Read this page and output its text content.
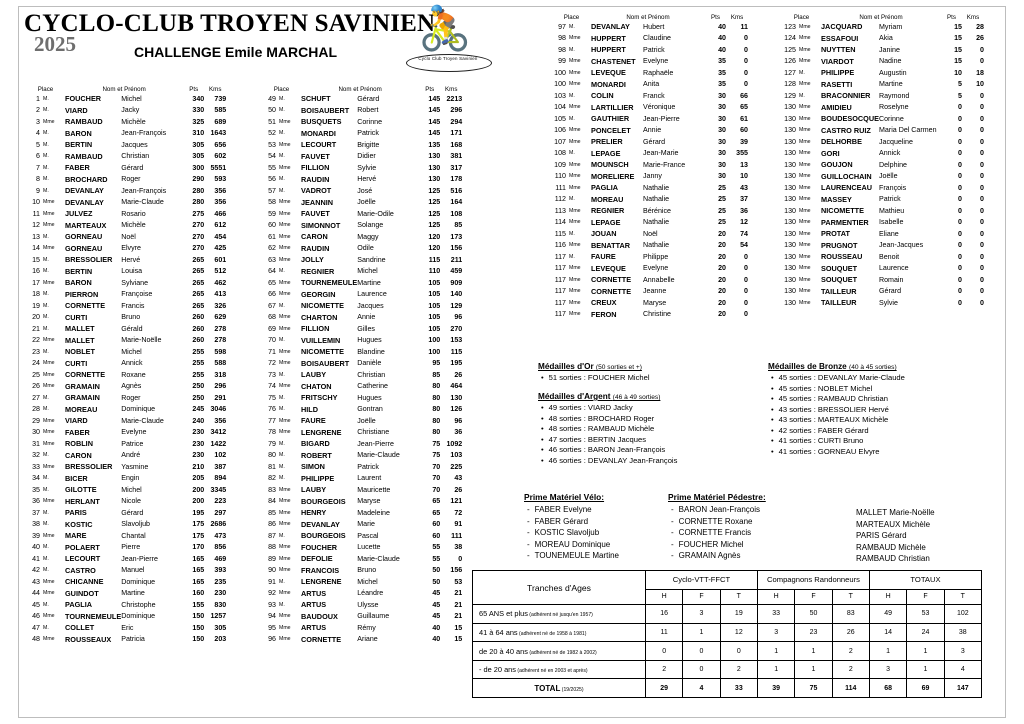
CYCLO-CLUB TROYEN SAVINIEN
2025	CHALLENGE Emile MARCHAL 🚴
Cyclo Club Troyen Savinien
Place		Nom et Prénom		Pts	Kms
1	M.	FOUCHER	Michel	340	739
2	M.	VIARD	Jacky	330	585
3	Mme	RAMBAUD	Michèle	325	689
4	M.	BARON	Jean-François	310	1643
5	M.	BERTIN	Jacques	305	656
6	M.	RAMBAUD	Christian	305	602
7	M.	FABER	Gérard	300	5551
8	M.	BROCHARD	Roger	290	593
9	M.	DEVANLAY	Jean-François	280	356
10	Mme	DEVANLAY	Marie-Claude	280	356
11	Mme	JULVEZ	Rosario	275	466
12	Mme	MARTEAUX	Michèle	270	612
13	M.	GORNEAU	Noël	270	454
14	Mme	GORNEAU	Elvyre	270	425
15	M.	BRESSOLIER	Hervé	265	601
16	M.	BERTIN	Louisa	265	512
17	Mme	BARON	Sylviane	265	462
18	M.	PIERRON	Françoise	265	413
19	M.	CORNETTE	Francis	265	326
20	M.	CURTI	Bruno	260	629
21	M.	MALLET	Gérald	260	278
22	Mme	MALLET	Marie-Noëlle	260	278
23	M.	NOBLET	Michel	255	598
24	Mme	CURTI	Annick	255	588
25	Mme	CORNETTE	Roxane	255	318
26	Mme	GRAMAIN	Agnès	250	296
27	M.	GRAMAIN	Roger	250	291
28	M.	MOREAU	Dominique	245	3046
29	Mme	VIARD	Marie-Claude	240	356
30	Mme	FABER	Evelyne	230	3412
31	Mme	ROBLIN	Patrice	230	1422
32	M.	CARON	André	230	102
33	Mme	BRESSOLIER	Yasmine	210	387
34	M.	BICER	Engin	205	894
35	M.	GILOTTE	Michel	200	3345
36	Mme	HERLANT	Nicole	200	223
37	M.	PARIS	Gérard	195	297
38	M.	KOSTIC	Slavoljub	175	2686
39	Mme	MARE	Chantal	175	473
40	M.	POLAERT	Pierre	170	856
41	M.	LECOURT	Jean-Pierre	165	469
42	M.	CASTRO	Manuel	165	393
43	Mme	CHICANNE	Dominique	165	235
44	Mme	GUINDOT	Martine	160	230
45	M.	PAGLIA	Christophe	155	830
46	Mme	TOURNEMEULE	Dominique	150	1257
47	M.	COLLET	Eric	150	305
48	Mme	ROUSSEAUX	Patricia	150	203
Place		Nom et Prénom		Pts	Kms
49	M.	SCHUFT	Gérard	145	2213
50	M.	BOISAUBERT	Robert	145	296
51	Mme	BUSQUETS	Corinne	145	294
52	M.	MONARDI	Patrick	145	171
53	Mme	LECOURT	Brigitte	135	168
54	M.	FAUVET	Didier	130	381
55	Mme	FILLION	Sylvie	130	317
56	M.	RAUDIN	Hervé	130	178
57	M.	VADROT	José	125	516
58	Mme	JEANNIN	Joëlle	125	164
59	Mme	FAUVET	Marie-Odile	125	108
60	Mme	SIMONNOT	Solange	125	85
61	Mme	CARON	Maggy	120	173
62	Mme	RAUDIN	Odile	120	156
63	Mme	JOLLY	Sandrine	115	211
64	M.	REGNIER	Michel	110	459
65	Mme	TOURNEMEULE	Martine	105	909
66	Mme	GEORGIN	Laurence	105	140
67	M.	NICOMETTE	Jacques	105	129
68	Mme	CHARTON	Annie	105	96
69	Mme	FILLION	Gilles	105	270
70	M.	VUILLEMIN	Hugues	100	153
71	Mme	NICOMETTE	Blandine	100	115
72	Mme	BOISAUBERT	Danièle	95	195
73	M.	LAUBY	Christian	85	26
74	Mme	CHATON	Catherine	80	464
75	M.	FRITSCHY	Hugues	80	130
76	M.	HILD	Gontran	80	126
77	Mme	FAURE	Joëlle	80	96
78	Mme	LENGRENE	Christiane	80	36
79	M.	BIGARD	Jean-Pierre	75	1092
80	M.	ROBERT	Marie-Claude	75	103
81	M.	SIMON	Patrick	70	225
82	M.	PHILIPPE	Laurent	70	43
83	Mme	LAUBY	Mauricette	70	26
84	Mme	BOURGEOIS	Maryse	65	121
85	Mme	HENRY	Madeleine	65	72
86	Mme	DEVANLAY	Marie	60	91
87	M.	BOURGEOIS	Pascal	60	111
88	Mme	FOUCHER	Lucette	55	38
89	Mme	DEFOLIE	Marie-Claude	55	0
90	Mme	FRANCOIS	Bruno	50	156
91	M.	LENGRENE	Michel	50	53
92	Mme	ARTUS	Léandre	45	21
93	M.	ARTUS	Ulysse	45	21
94	Mme	BAUDOUX	Guillaume	45	21
95	Mme	ARTUS	Rémy	40	15
96	Mme	CORNETTE	Ariane	40	15
Place		Nom et Prénom		Pts	Kms
97	M.	DEVANLAY	Hubert	40	11
98	Mme	HUPPERT	Claudine	40	0
98	M.	HUPPERT	Patrick	40	0
99	Mme	CHASTENET	Evelyne	35	0
100	Mme	LEVEQUE	Raphaële	35	0
100	Mme	MONARDI	Anita	35	0
103	M.	COLIN	Franck	30	66
104	Mme	LARTILLIER	Véronique	30	65
105	M.	GAUTHIER	Jean-Pierre	30	61
106	Mme	PONCELET	Annie	30	60
107	Mme	PRELIER	Gérard	30	39
108	M.	LEPAGE	Jean-Marie	30	355
109	Mme	MOUNSCH	Marie-France	30	13
110	Mme	MORELIERE	Janny	30	10
111	Mme	PAGLIA	Nathalie	25	43
112	M.	MOREAU	Nathalie	25	37
113	Mme	REGNIER	Bérénice	25	36
114	Mme	LEPAGE	Nathalie	25	12
115	M.	JOUAN	Noël	20	74
116	Mme	BENATTAR	Nathalie	20	54
117	M.	FAURE	Philippe	20	0
117	Mme	LEVEQUE	Evelyne	20	0
117	Mme	CORNETTE	Annabelle	20	0
117	Mme	CORNETTE	Jeanne	20	0
117	Mme	CREUX	Maryse	20	0
117	Mme	FERON	Christine	20	0
Place		Nom et Prénom		Pts	Kms
123	Mme	JACQUARD	Myriam	15	28
124	Mme	ESSAFOUI	Akia	15	26
125	Mme	NUYTTEN	Janine	15	0
126	Mme	VIARDOT	Nadine	15	0
127	M.	PHILIPPE	Augustin	10	18
128	Mme	RASETTI	Martine	5	10
129	M.	BRACONNIER	Raymond	5	0
130	Mme	AMIDIEU	Roselyne	0	0
130	Mme	BOUDESOCQUE	Corinne	0	0
130	Mme	CASTRO RUIZ	Maria Del Carmen	0	0
130	Mme	DELHORBE	Jacqueline	0	0
130	Mme	GORI	Annick	0	0
130	Mme	GOUJON	Delphine	0	0
130	Mme	GUILLOCHAIN	Joëlle	0	0
130	Mme	LAURENCEAU	François	0	0
130	Mme	MASSEY	Patrick	0	0
130	Mme	NICOMETTE	Mathieu	0	0
130	Mme	PARMENTIER	Isabelle	0	0
130	Mme	PROTAT	Eliane	0	0
130	Mme	PRUGNOT	Jean-Jacques	0	0
130	Mme	ROUSSEAU	Benoit	0	0
130	Mme	SOUQUET	Laurence	0	0
130	Mme	SOUQUET	Romain	0	0
130	Mme	TAILLEUR	Gérard	0	0
130	Mme	TAILLEUR	Sylvie	0	0
Médailles d'Or (50 sorties et +)
• 51 sorties : FOUCHER Michel
Médailles d'Argent (46 à 49 sorties)
• 49 sorties : VIARD Jacky
• 48 sorties : BROCHARD Roger
• 48 sorties : RAMBAUD Michèle
• 47 sorties : BERTIN Jacques
• 46 sorties : BARON Jean-François
• 46 sorties : DEVANLAY Jean-François
Médailles de Bronze (40 à 45 sorties)
• 45 sorties : DEVANLAY Marie-Claude
• 45 sorties : NOBLET Michel
• 45 sorties : RAMBAUD Christian
• 43 sorties : BRESSOLIER Hervé
• 43 sorties : MARTEAUX Michèle
• 42 sorties : FABER Gérard
• 41 sorties : CURTI Bruno
• 41 sorties : GORNEAU Elvyre
Prime Matériel Vélo:
- FABER Evelyne
- FABER Gérard
- KOSTIC Slavoljub
- MOREAU Dominique
- TOUNEMEULE Martine
Prime Matériel Pédestre:
- BARON Jean-François
- CORNETTE Roxane
- CORNETTE Francis
- FOUCHER Michel
- GRAMAIN Agnès
MALLET Marie-Noëlle
MARTEAUX Michèle
PARIS Gérard
RAMBAUD Michèle
RAMBAUD Christian
Tranches d'Ages	Cyclo-VTT-FFCT			Compagnons Randonneurs			TOTAUX		
	H	F	T	H	F	T	H	F	T
65 ANS et plus (adhérent né jusqu'en 1957)	16	3	19	33	50	83	49	53	102
41 à 64 ans (adhérent né de 1958 à 1981)	11	1	12	3	23	26	14	24	38
de 20 à 40 ans (adhérent né de 1982 à 2002)	0	0	0	1	1	2	1	1	3
- de 20 ans (adhérent né en 2003 et après)	2	0	2	1	1	2	3	1	4
TOTAL (19/2025)	29	4	33	39	75	114	68	69	147
